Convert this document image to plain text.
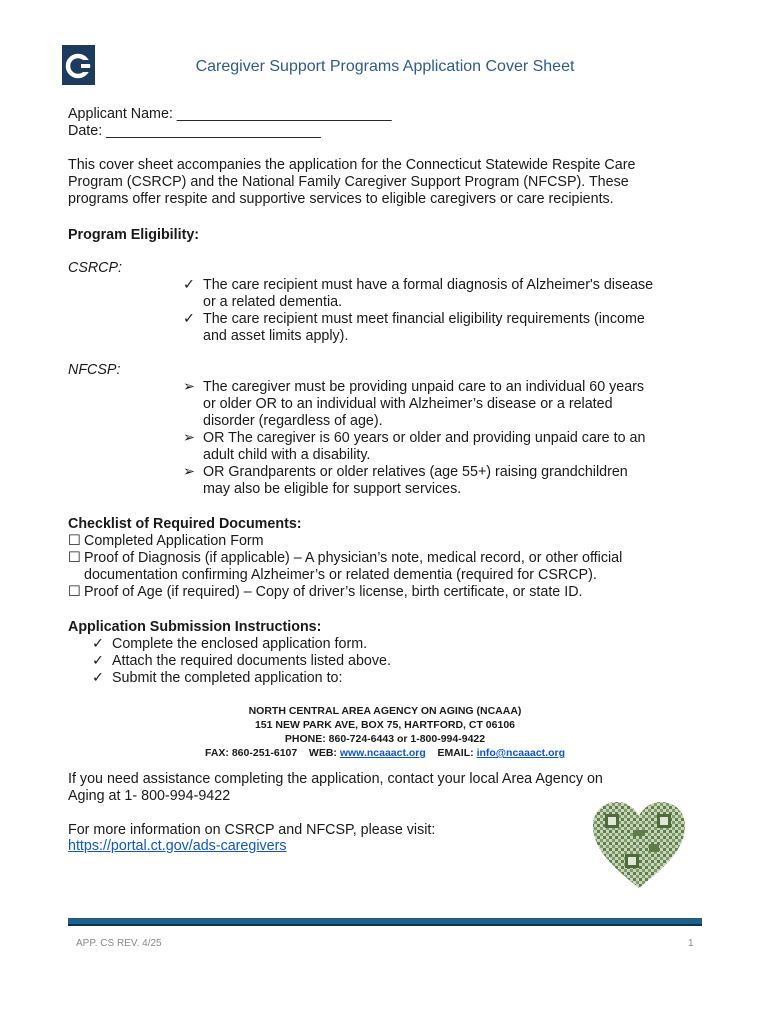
Caregiver Support Programs Application Cover Sheet
Applicant Name: ___________________________
Date: ___________________________
This cover sheet accompanies the application for the Connecticut Statewide Respite Care
Program (CSRCP) and the National Family Caregiver Support Program (NFCSP). These
programs offer respite and supportive services to eligible caregivers or care recipients.
Program Eligibility:
CSRCP:
✓ The care recipient must have a formal diagnosis of Alzheimer's disease
or a related dementia.
✓ The care recipient must meet financial eligibility requirements (income
and asset limits apply).
NFCSP:
➢ The caregiver must be providing unpaid care to an individual 60 years
or older OR to an individual with Alzheimer’s disease or a related
disorder (regardless of age).
➢ OR The caregiver is 60 years or older and providing unpaid care to an
adult child with a disability.
➢ OR Grandparents or older relatives (age 55+) raising grandchildren
may also be eligible for support services.
Checklist of Required Documents:
☐ Completed Application Form
☐ Proof of Diagnosis (if applicable) – A physician’s note, medical record, or other official
documentation confirming Alzheimer’s or related dementia (required for CSRCP).
☐ Proof of Age (if required) – Copy of driver’s license, birth certificate, or state ID.
Application Submission Instructions:
✓ Complete the enclosed application form.
✓ Attach the required documents listed above.
✓ Submit the completed application to:
NORTH CENTRAL AREA AGENCY ON AGING (NCAAA)
151 NEW PARK AVE, BOX 75, HARTFORD, CT 06106
PHONE: 860-724-6443 or 1-800-994-9422
FAX: 860-251-6107 WEB: www.ncaaact.org EMAIL: info@ncaaact.org
If you need assistance completing the application, contact your local Area Agency on
Aging at 1- 800-994-9422
For more information on CSRCP and NFCSP, please visit:
https://portal.ct.gov/ads-caregivers
APP. CS REV. 4/25	1
